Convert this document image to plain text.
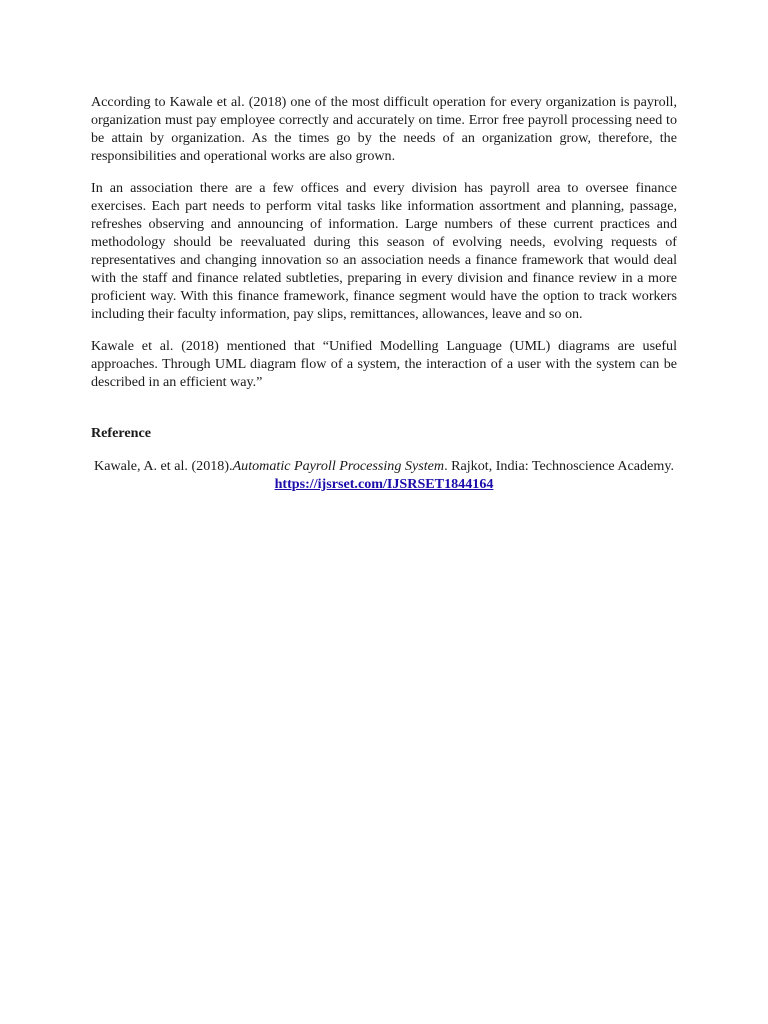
According to Kawale et al. (2018) one of the most difficult operation for every organization is payroll, organization must pay employee correctly and accurately on time. Error free payroll processing need to be attain by organization. As the times go by the needs of an organization grow, therefore, the responsibilities and operational works are also grown.

In an association there are a few offices and every division has payroll area to oversee finance exercises. Each part needs to perform vital tasks like information assortment and planning, passage, refreshes observing and announcing of information. Large numbers of these current practices and methodology should be reevaluated during this season of evolving needs, evolving requests of representatives and changing innovation so an association needs a finance framework that would deal with the staff and finance related subtleties, preparing in every division and finance review in a more proficient way. With this finance framework, finance segment would have the option to track workers including their faculty information, pay slips, remittances, allowances, leave and so on.

Kawale et al. (2018) mentioned that “Unified Modelling Language (UML) diagrams are useful approaches. Through UML diagram flow of a system, the interaction of a user with the system can be described in an efficient way.”

Reference

Kawale, A. et al. (2018).Automatic Payroll Processing System. Rajkot, India: Technoscience Academy. https://ijsrset.com/IJSRSET1844164
